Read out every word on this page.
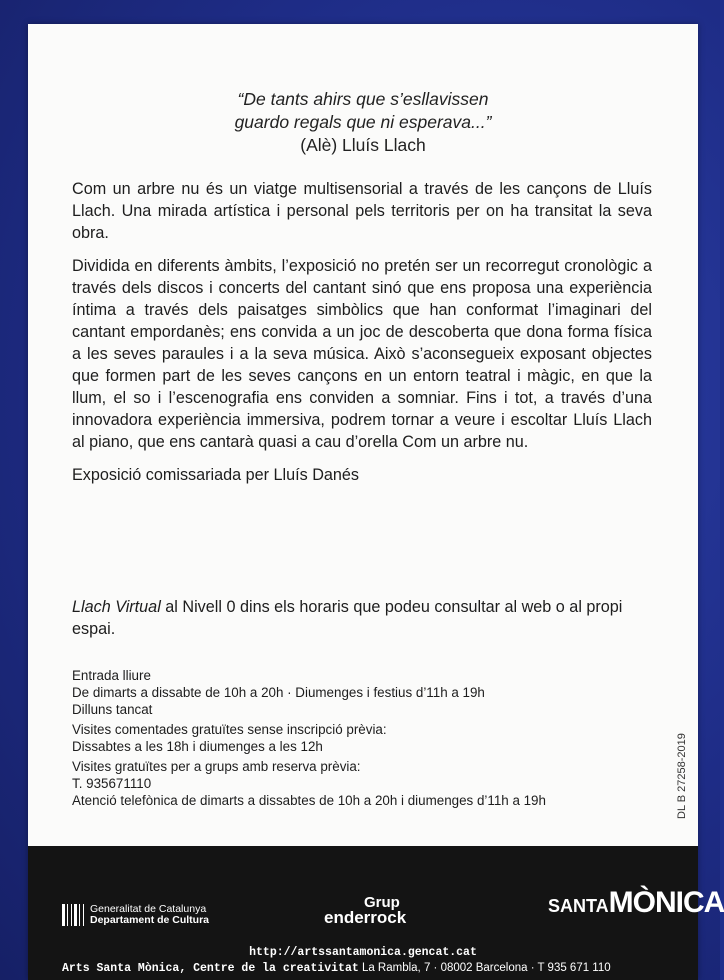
“De tants ahirs que s’esllavissen
guardo regals que ni esperava...”
(Alè) Lluís Llach

Com un arbre nu és un viatge multisensorial a través de les cançons de Lluís Llach. Una mirada artística i personal pels territoris per on ha transitat la seva obra.

Dividida en diferents àmbits, l’exposició no pretén ser un recorregut cronològic a través dels discos i concerts del cantant sinó que ens proposa una experiència íntima a través dels paisatges simbòlics que han conformat l’imaginari del cantant empordanès; ens convida a un joc de descoberta que dona forma física a les seves paraules i a la seva música. Això s’aconsegueix exposant objectes que formen part de les seves cançons en un entorn teatral i màgic, en que la llum, el so i l’escenografia ens conviden a somniar. Fins i tot, a través d’una innovadora experiència immersiva, podrem tornar a veure i escoltar Lluís Llach al piano, que ens cantarà quasi a cau d’orella Com un arbre nu.

Exposició comissariada per Lluís Danés

Llach Virtual al Nivell 0 dins els horaris que podeu consultar al web o al propi espai.
Entrada lliure
De dimarts a dissabte de 10h a 20h · Diumenges i festius d’11h a 19h
Dilluns tancat
Visites comentades gratuïtes sense inscripció prèvia:
Dissabtes a les 18h i diumenges a les 12h
Visites gratuïtes per a grups amb reserva prèvia:
T. 935671110
Atenció telefònica de dimarts a dissabtes de 10h a 20h i diumenges d’11h a 19h	DL B 27258-2019
Generalitat de Catalunya
Departament de Cultura
Grup
enderrock
SANTAMÒNICA
http://artssantamonica.gencat.cat
Arts Santa Mònica, Centre de la creativitat La Rambla, 7 · 08002 Barcelona · T 935 671 110
